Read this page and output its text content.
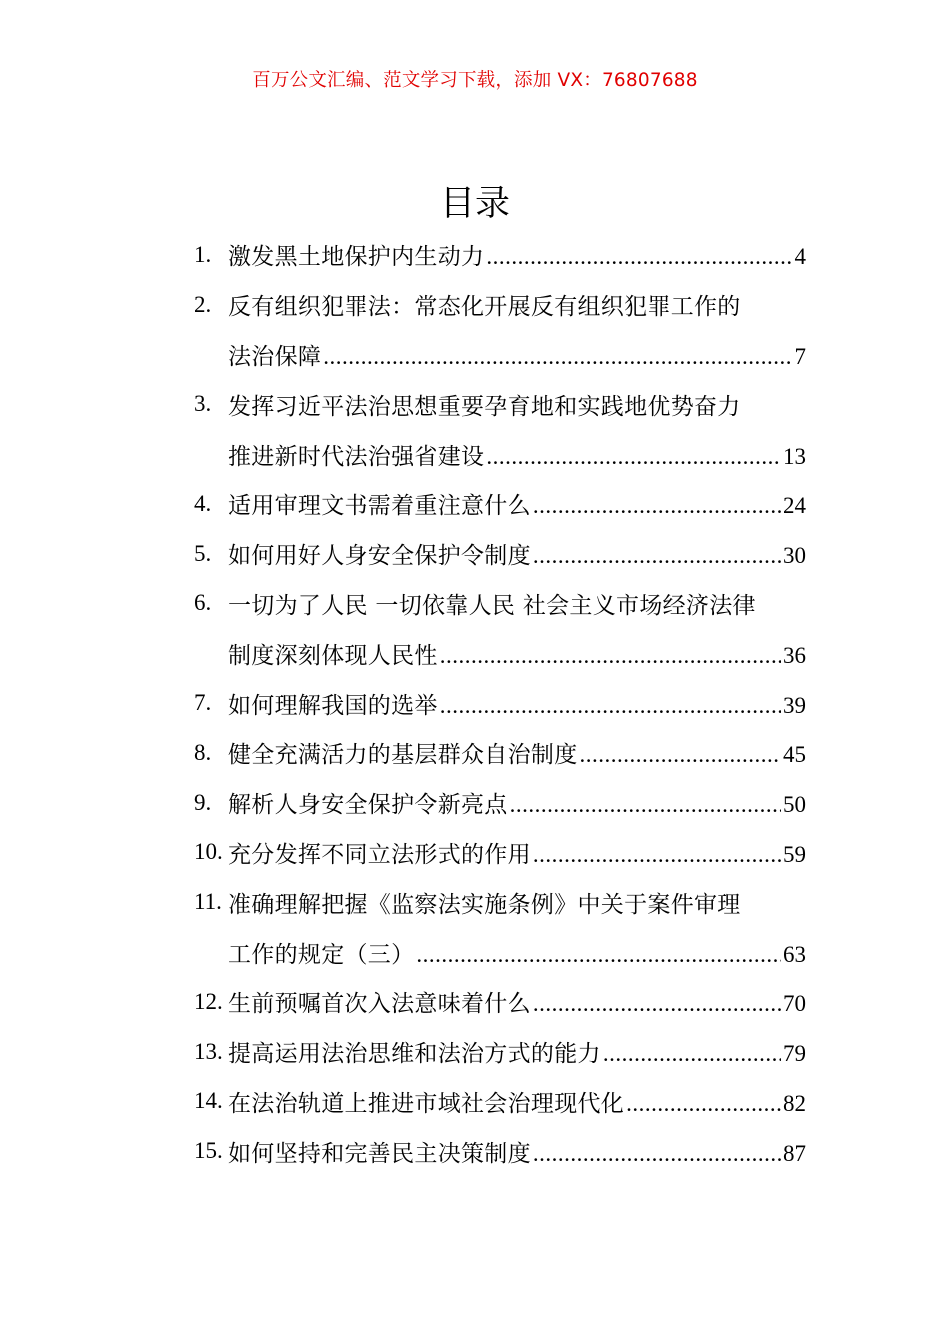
百万公文汇编、范文学习下载，添加 VX：76807688
目录
1. 激发黑土地保护内生动力 .....	4
2. 反有组织犯罪法：常态化开展反有组织犯罪工作的
法治保障 .....	7
3. 发挥习近平法治思想重要孕育地和实践地优势奋力
推进新时代法治强省建设 .....	13
4. 适用审理文书需着重注意什么 .....	24
5. 如何用好人身安全保护令制度 .....	30
6. 一切为了人民 一切依靠人民 社会主义市场经济法律
制度深刻体现人民性 .....	36
7. 如何理解我国的选举 .....	39
8. 健全充满活力的基层群众自治制度 .....	45
9. 解析人身安全保护令新亮点 .....	50
10. 充分发挥不同立法形式的作用 .....	59
11. 准确理解把握《监察法实施条例》中关于案件审理
工作的规定（三） .....	63
12. 生前预嘱首次入法意味着什么 .....	70
13. 提高运用法治思维和法治方式的能力 .....	79
14. 在法治轨道上推进市域社会治理现代化 .....	82
15. 如何坚持和完善民主决策制度 .....	87
